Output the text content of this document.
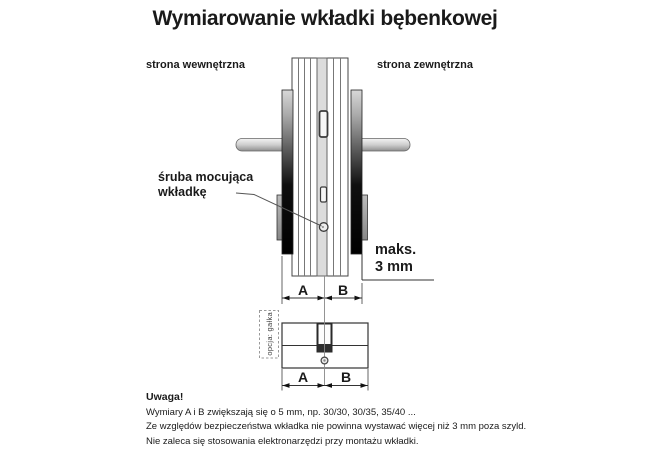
Wymiarowanie wkładki bębenkowej
strona wewnętrzna	strona zewnętrzna
śruba mocująca
wkładkę
maks.
3 mm
A	B
opcja: gałka
A	B
Uwaga!
Wymiary A i B zwiększają się o 5 mm, np. 30/30, 30/35, 35/40 ...
Ze względów bezpieczeństwa wkładka nie powinna wystawać więcej niż 3 mm poza szyld.
Nie zaleca się stosowania elektronarzędzi przy montażu wkładki.
